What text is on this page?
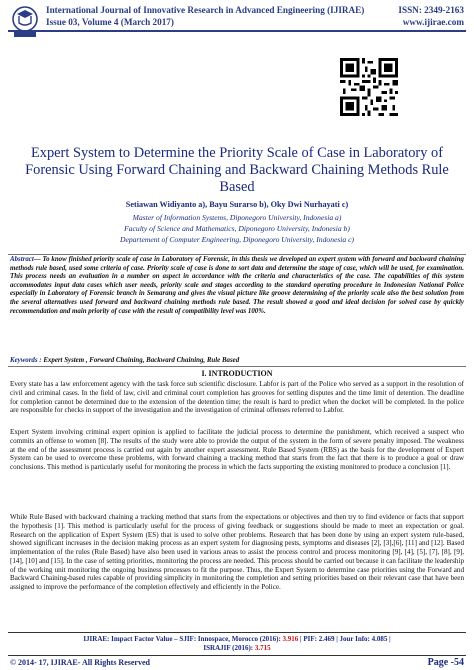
International Journal of Innovative Research in Advanced Engineering (IJIRAE)	ISSN: 2349-2163
Issue 03, Volume 4 (March 2017)	www.ijirae.com
Expert System to Determine the Priority Scale of Case in Laboratory of Forensic Using Forward Chaining and Backward Chaining Methods Rule Based
Setiawan Widiyanto a), Bayu Surarso b), Oky Dwi Nurhayati c)
Master of Information Systems, Diponegoro University, Indonesia a)
Faculty of Science and Mathematics, Diponegoro University, Indonesia b)
Departement of Computer Engineering, Diponegoro University, Indonesia c)
Abstract— To know finished priority scale of case in Laboratory of Forensic, in this thesis we developed an expert system with forward and backward chaining methods rule based, used some criteria of case. Priority scale of case is done to sort data and determine the stage of case, which will be used, for examination. This process needs an evaluation in a number on aspect in accordance with the criteria and characteristics of the case. The capabilities of this system accommodates input data cases which user needs, priority scale and stages according to the standard operating procedure in Indonesian National Police especially in Laboratory of Forensic branch in Semarang and gives the visual picture like groove determining of the priority scale also the best solution from the several alternatives used forward and backward chaining methods rule based. The result showed a good and ideal decision for solved case by quickly recommendation and main priority of case with the result of compatibility level was 100%.
Keywords : Expert System , Forward Chaining, Backward Chaining, Rule Based
I. INTRODUCTION
Every state has a law enforcement agency with the task force sub scientific disclosure. Labfor is part of the Police who served as a support in the resolution of civil and criminal cases. In the field of law, civil and criminal court completion has grooves for settling disputes and the time limit of detention. The deadline for completion cannot be determined due to the extension of the detention time; the result is hard to predict when the docket will be completed. In the police are responsible for checks in support of the investigation and the investigation of criminal offenses referred to Labfor.
Expert System involving criminal expert opinion is applied to facilitate the judicial process to determine the punishment, which received a suspect who commits an offense to women [8]. The results of the study were able to provide the output of the system in the form of severe penalty imposed. The weakness at the end of the assessment process is carried out again by another expert assessment. Rule Based System (RBS) as the basis for the development of Expert System can be used to overcome these problems, with forward chaining a tracking method that starts from the fact that there is to produce a goal or draw conclusions. This method is particularly useful for monitoring the process in which the facts supporting the existing monitored to produce a conclusion [1].
While Rule Based with backward chaining a tracking method that starts from the expectations or objectives and then try to find evidence or facts that support the hypothesis [1]. This method is particularly useful for the process of giving feedback or suggestions should be made to meet an expectation or goal. Research on the application of Expert System (ES) that is used to solve other problems. Research that has been done by using an expert system rule-based, showed significant increases in the decision making process as an expert system for diagnosing pests, symptoms and diseases [2], [3],[6], [11] and [12]. Based implementation of the rules (Rule Based) have also been used in various areas to assist the process control and process monitoring [9], [4], [5], [7], [8], [9], [14], [10] and [15]. In the case of setting priorities, monitoring the process are needed. This process should be carried out because it can facilitate the leadership of the working unit monitoring the ongoing business processes to fit the purpose. Thus, the Expert System to determine case priorities using the Forward and Backward Chaining-based rules capable of providing simplicity in monitoring the completion and setting priorities based on their relevant case that have been assigned to improve the performance of the completion effectively and efficiently in the Police.
IJIRAE: Impact Factor Value – SJIF: Innospace, Morocco (2016): 3.916 | PIF: 2.469 | Jour Info: 4.085 |
ISRAJIF (2016): 3.715
© 2014- 17, IJIRAE- All Rights Reserved	Page -54
